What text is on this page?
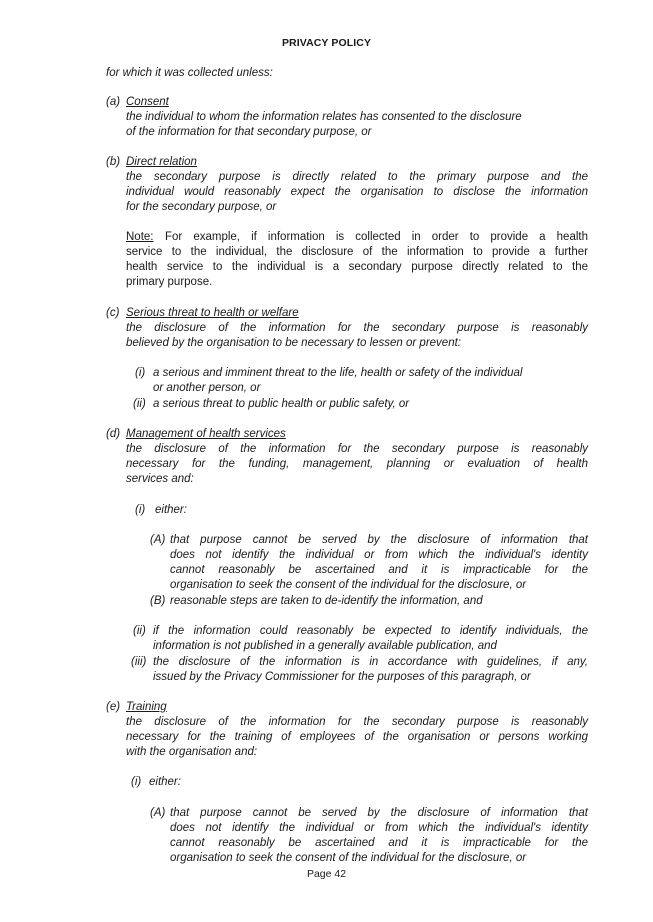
PRIVACY POLICY
for which it was collected unless:
(a) Consent
the individual to whom the information relates has consented to the disclosure
of the information for that secondary purpose, or
(b) Direct relation
the secondary purpose is directly related to the primary purpose and the
individual would reasonably expect the organisation to disclose the information
for the secondary purpose, or
Note: For example, if information is collected in order to provide a health
service to the individual, the disclosure of the information to provide a further
health service to the individual is a secondary purpose directly related to the
primary purpose.
(c) Serious threat to health or welfare
the disclosure of the information for the secondary purpose is reasonably
believed by the organisation to be necessary to lessen or prevent:
(i) a serious and imminent threat to the life, health or safety of the individual
or another person, or
(ii) a serious threat to public health or public safety, or
(d) Management of health services
the disclosure of the information for the secondary purpose is reasonably
necessary for the funding, management, planning or evaluation of health
services and:
(i) either:
(A) that purpose cannot be served by the disclosure of information that
does not identify the individual or from which the individual's identity
cannot reasonably be ascertained and it is impracticable for the
organisation to seek the consent of the individual for the disclosure, or
(B) reasonable steps are taken to de-identify the information, and
(ii) if the information could reasonably be expected to identify individuals, the
information is not published in a generally available publication, and
(iii) the disclosure of the information is in accordance with guidelines, if any,
issued by the Privacy Commissioner for the purposes of this paragraph, or
(e) Training
the disclosure of the information for the secondary purpose is reasonably
necessary for the training of employees of the organisation or persons working
with the organisation and:
(i) either:
(A) that purpose cannot be served by the disclosure of information that
does not identify the individual or from which the individual's identity
cannot reasonably be ascertained and it is impracticable for the
organisation to seek the consent of the individual for the disclosure, or
Page 42
